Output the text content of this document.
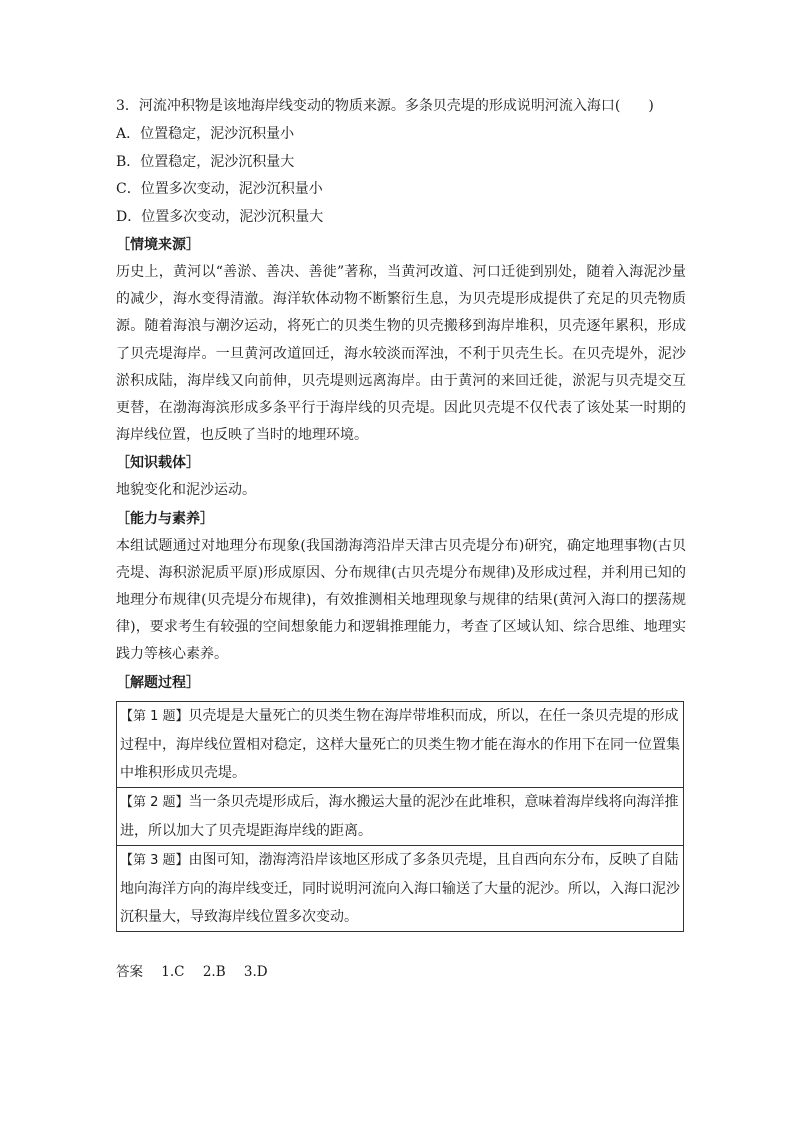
3．河流冲积物是该地海岸线变动的物质来源。多条贝壳堤的形成说明河流入海口(　　)
A．位置稳定，泥沙沉积量小
B．位置稳定，泥沙沉积量大
C．位置多次变动，泥沙沉积量小
D．位置多次变动，泥沙沉积量大
［情境来源］

历史上，黄河以“善淤、善决、善徙”著称，当黄河改道、河口迁徙到别处，随着入海泥沙量的减少，海水变得清澈。海洋软体动物不断繁衍生息，为贝壳堤形成提供了充足的贝壳物质源。随着海浪与潮汐运动，将死亡的贝类生物的贝壳搬移到海岸堆积，贝壳逐年累积，形成了贝壳堤海岸。一旦黄河改道回迁，海水较淡而浑浊，不利于贝壳生长。在贝壳堤外，泥沙淤积成陆，海岸线又向前伸，贝壳堤则远离海岸。由于黄河的来回迁徙，淤泥与贝壳堤交互更替，在渤海海滨形成多条平行于海岸线的贝壳堤。因此贝壳堤不仅代表了该处某一时期的海岸线位置，也反映了当时的地理环境。

［知识载体］

地貌变化和泥沙运动。

［能力与素养］

本组试题通过对地理分布现象(我国渤海湾沿岸天津古贝壳堤分布)研究，确定地理事物(古贝壳堤、海积淤泥质平原)形成原因、分布规律(古贝壳堤分布规律)及形成过程，并利用已知的地理分布规律(贝壳堤分布规律)，有效推测相关地理现象与规律的结果(黄河入海口的摆荡规律)，要求考生有较强的空间想象能力和逻辑推理能力，考查了区域认知、综合思维、地理实践力等核心素养。

［解题过程］
【第 1 题】贝壳堤是大量死亡的贝类生物在海岸带堆积而成，所以，在任一条贝壳堤的形成过程中，海岸线位置相对稳定，这样大量死亡的贝类生物才能在海水的作用下在同一位置集中堆积形成贝壳堤。
【第 2 题】当一条贝壳堤形成后，海水搬运大量的泥沙在此堆积，意味着海岸线将向海洋推进，所以加大了贝壳堤距海岸线的距离。
【第 3 题】由图可知，渤海湾沿岸该地区形成了多条贝壳堤，且自西向东分布，反映了自陆地向海洋方向的海岸线变迁，同时说明河流向入海口输送了大量的泥沙。所以，入海口泥沙沉积量大，导致海岸线位置多次变动。
答案 1.C 2.B 3.D
